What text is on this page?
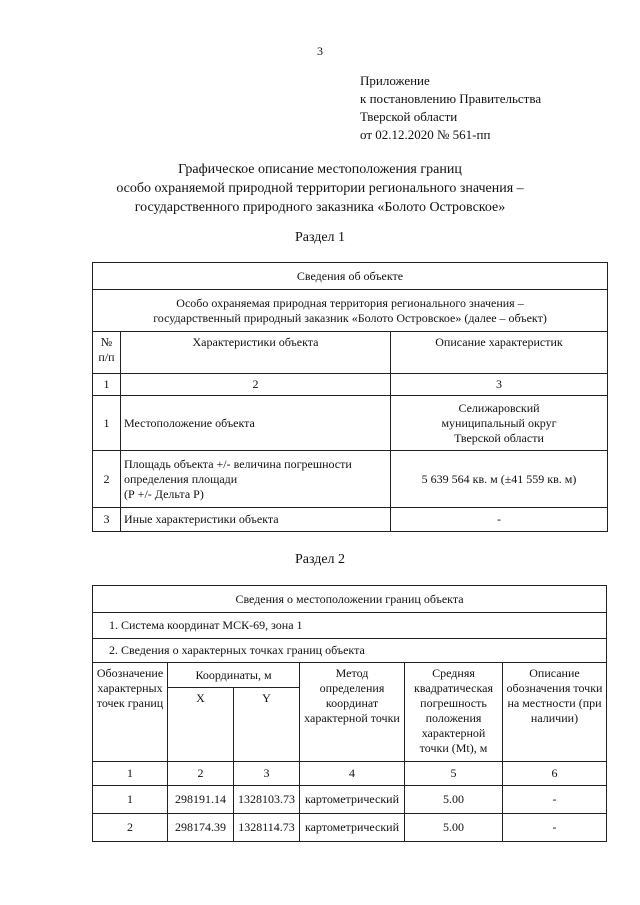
3
Приложение
к постановлению Правительства
Тверской области
от 02.12.2020 № 561-пп
Графическое описание местоположения границ
особо охраняемой природной территории регионального значения –
государственного природного заказника «Болото Островское»
Раздел 1
Сведения об объекте		

Особо охраняемая природная территория регионального значения –
государственный природный заказник «Болото Островское» (далее – объект)		

№ п/п	Характеристики объекта	Описание характеристик
1	2	3
1	Местоположение объекта	Селижаровский
муниципальный округ
Тверской области

2	Площадь объекта +/- величина погрешности
определения площади
(Р +/- Дельта Р)	5 639 564 кв. м (±41 559 кв. м)
3	Иные характеристики объекта	-
Раздел 2
Сведения о местоположении границ объекта					
1. Система координат МСК-69, зона 1					
2. Сведения о характерных точках границ объекта					
Обозначение характерных точек границ	Координаты, м		Метод определения координат характерной точки	Средняя квадратическая погрешность положения характерной точки (Mt), м	Описание обозначения точки на местности (при наличии)
	X	Y			
1	2	3	4	5	6
1	298191.14	1328103.73	картометрический	5.00	-
2	298174.39	1328114.73	картометрический	5.00	-
